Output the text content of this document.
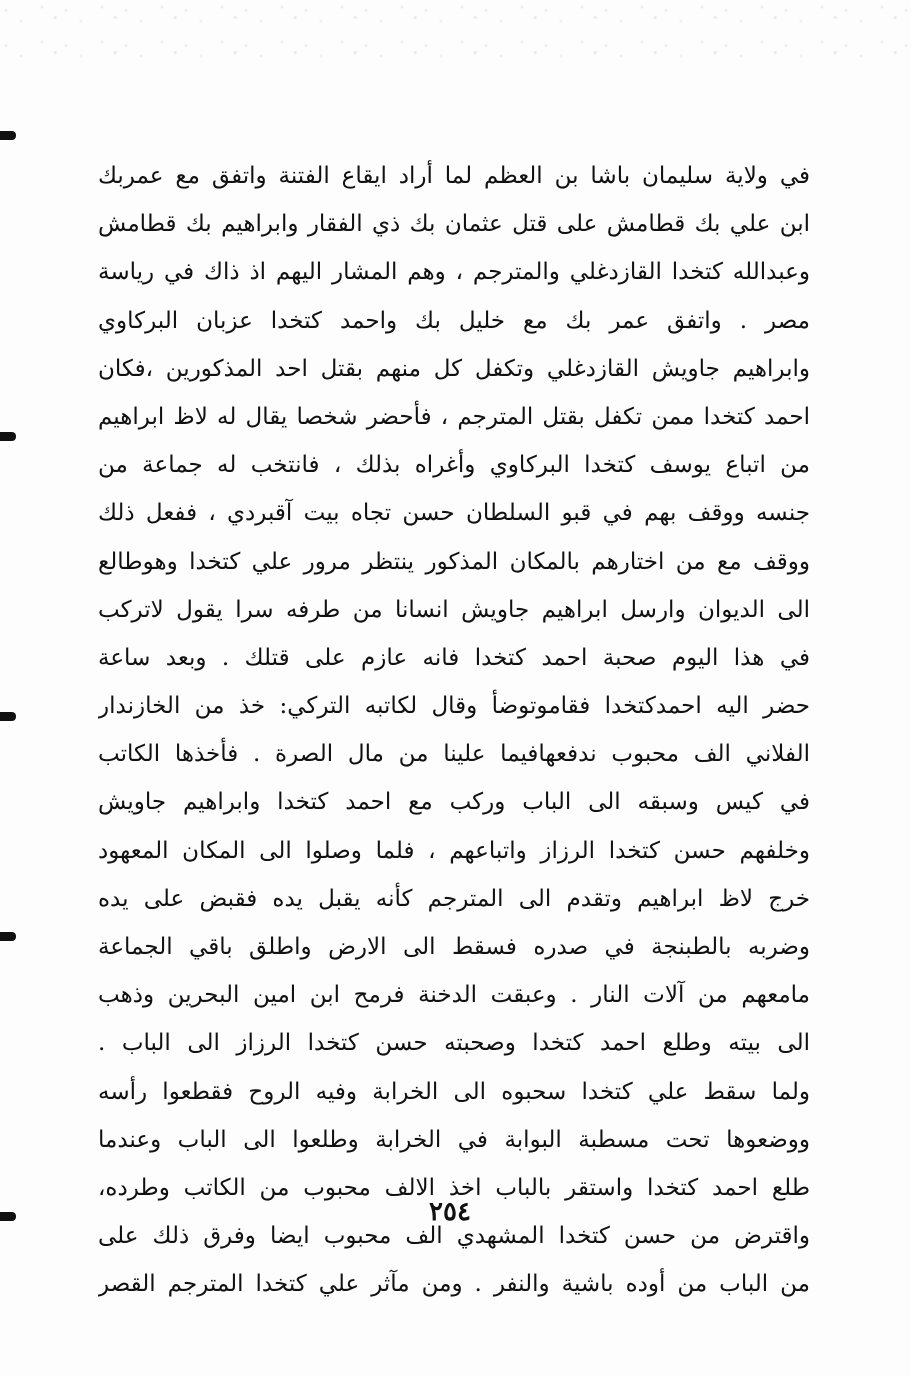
في ولاية سليمان باشا بن العظم لما أراد ايقاع الفتنة واتفق مع عمربك
ابن علي بك قطامش على قتل عثمان بك ذي الفقار وابراهيم بك قطامش
وعبدالله كتخدا القازدغلي والمترجم ، وهم المشار اليهم اذ ذاك في رياسة
مصر . واتفق عمر بك مع خليل بك واحمد كتخدا عزبان البركاوي
وابراهيم جاويش القازدغلي وتكفل كل منهم بقتل احد المذكورين ،فكان
احمد كتخدا ممن تكفل بقتل المترجم ، فأحضر شخصا يقال له لاظ ابراهيم
من اتباع يوسف كتخدا البركاوي وأغراه بذلك ، فانتخب له جماعة من
جنسه ووقف بهم في قبو السلطان حسن تجاه بيت آقبردي ، ففعل ذلك
ووقف مع من اختارهم بالمكان المذكور ينتظر مرور علي كتخدا وهوطالع
الى الديوان وارسل ابراهيم جاويش انسانا من طرفه سرا يقول لاتركب
في هذا اليوم صحبة احمد كتخدا فانه عازم على قتلك . وبعد ساعة
حضر اليه احمدكتخدا فقاموتوضأ وقال لكاتبه التركي: خذ من الخازندار
الفلاني الف محبوب ندفعهافيما علينا من مال الصرة . فأخذها الكاتب
في كيس وسبقه الى الباب وركب مع احمد كتخدا وابراهيم جاويش
وخلفهم حسن كتخدا الرزاز واتباعهم ، فلما وصلوا الى المكان المعهود
خرج لاظ ابراهيم وتقدم الى المترجم كأنه يقبل يده فقبض على يده
وضربه بالطبنجة في صدره فسقط الى الارض واطلق باقي الجماعة
مامعهم من آلات النار . وعبقت الدخنة فرمح ابن امين البحرين وذهب
الى بيته وطلع احمد كتخدا وصحبته حسن كتخدا الرزاز الى الباب .
ولما سقط علي كتخدا سحبوه الى الخرابة وفيه الروح فقطعوا رأسه
ووضعوها تحت مسطبة البوابة في الخرابة وطلعوا الى الباب وعندما
طلع احمد كتخدا واستقر بالباب اخذ الالف محبوب من الكاتب وطرده،
واقترض من حسن كتخدا المشهدي الف محبوب ايضا وفرق ذلك على
من الباب من أوده باشية والنفر . ومن مآثر علي كتخدا المترجم القصر
٢٥٤
